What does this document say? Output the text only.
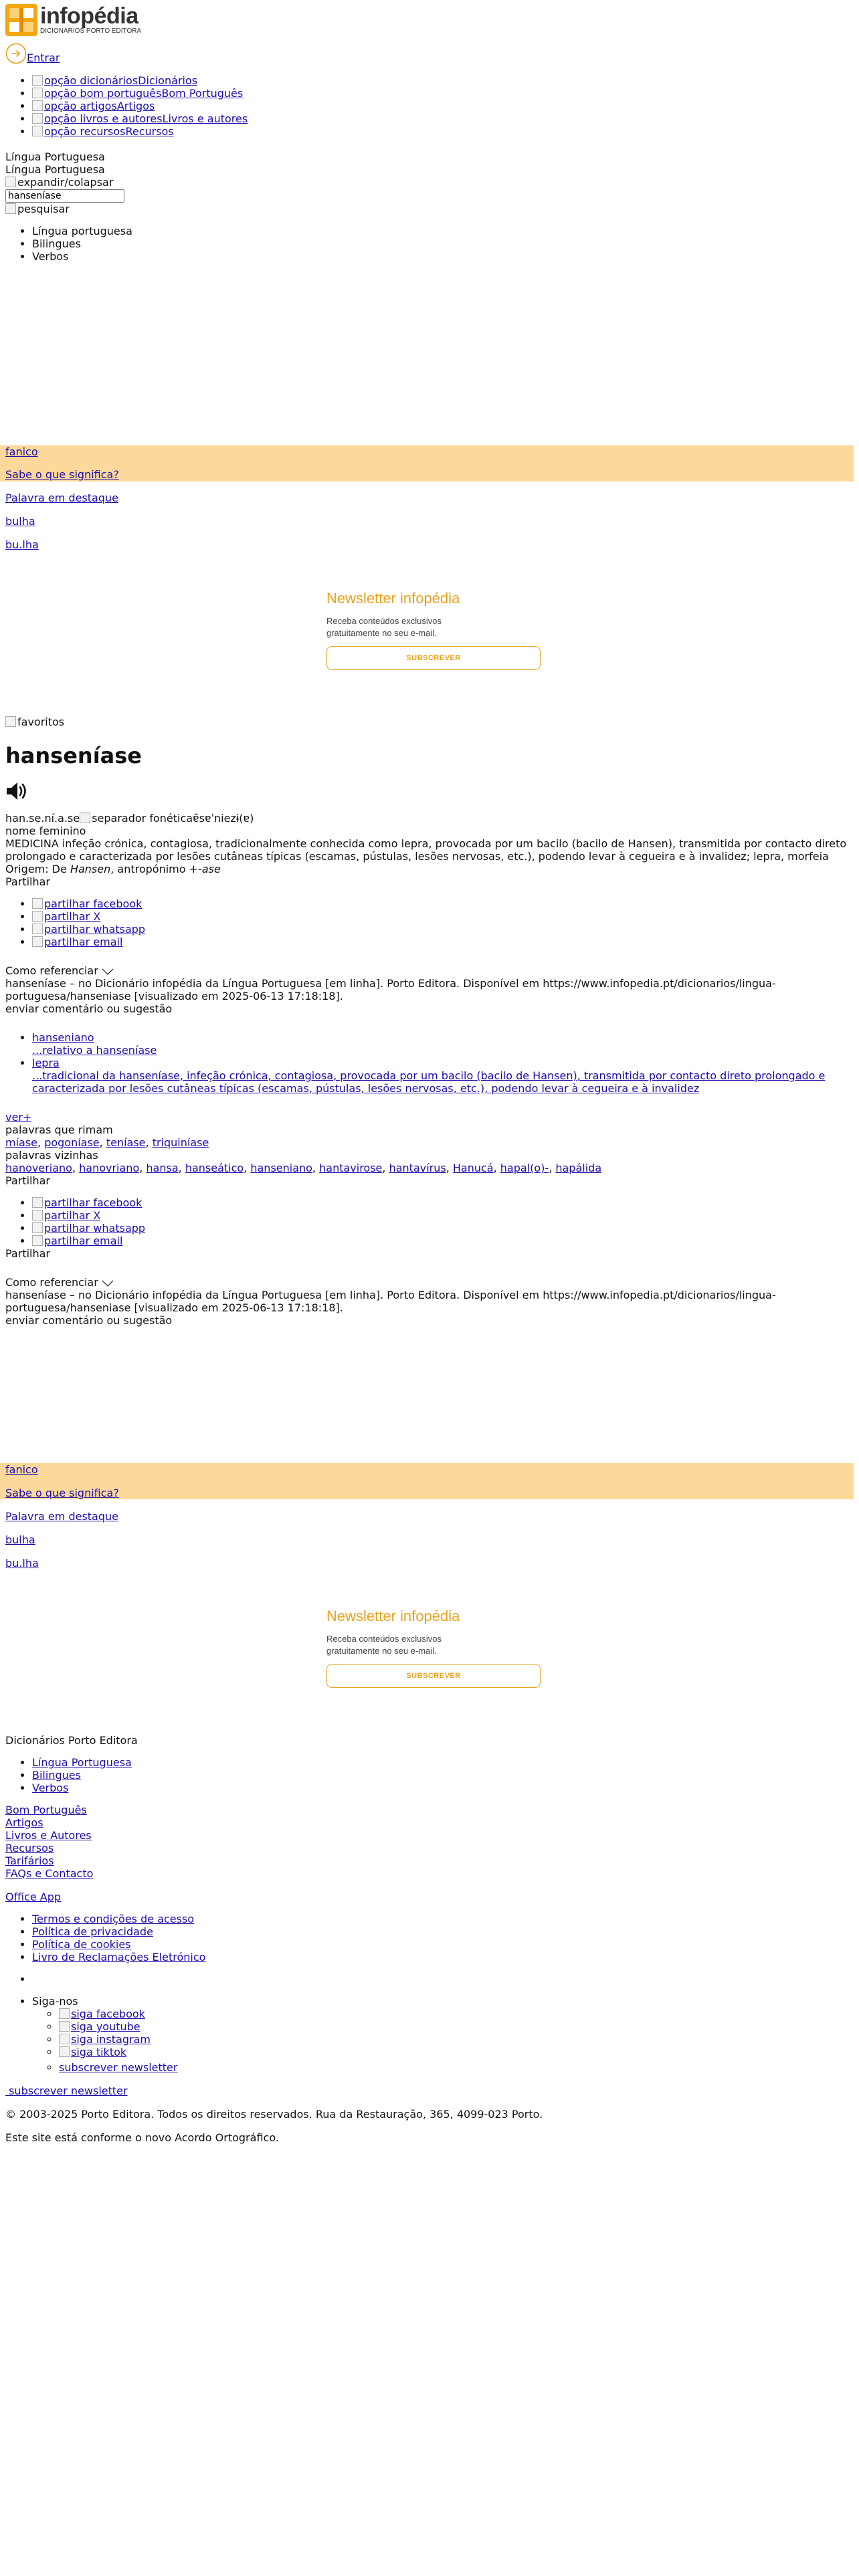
infopédia
DICIONÁRIOS PORTO EDITORA
Entrar
• opção dicionáriosDicionários
• opção bom portuguêsBom Português
• opção artigosArtigos
• opção livros e autoresLivros e autores
• opção recursosRecursos
Língua Portuguesa
Língua Portuguesa
expandir/colapsar
hanseníase
pesquisar
• Língua portuguesa
• Bilingues
• Verbos
fanico
Sabe o que significa?
Palavra em destaque
bulha
bu.lha
Newsletter infopédia
Receba conteúdos exclusivos
gratuitamente no seu e-mail.
SUBSCREVER
favoritos
hanseníase
han.se.ní.a.se separador fonéticaɐ̃sɐˈniezɨ(ɐ)
nome feminino
MEDICINA infeção crónica, contagiosa, tradicionalmente conhecida como lepra, provocada por um bacilo (bacilo de Hansen), transmitida por contacto direto prolongado e caracterizada por lesões cutâneas típicas (escamas, pústulas, lesões nervosas, etc.), podendo levar à cegueira e à invalidez; lepra, morfeia
Origem: De Hansen, antropónimo +-ase
Partilhar
• partilhar facebook
• partilhar X
• partilhar whatsapp
• partilhar email
Como referenciar
hanseníase – no Dicionário infopédia da Língua Portuguesa [em linha]. Porto Editora. Disponível em https://www.infopedia.pt/dicionarios/lingua-
portuguesa/hanseniase [visualizado em 2025-06-13 17:18:18].
enviar comentário ou sugestão
• hanseniano
...relativo a hanseníase
• lepra
...tradicional da hanseníase, infeção crónica, contagiosa, provocada por um bacilo (bacilo de Hansen), transmitida por contacto direto prolongado e
caracterizada por lesões cutâneas típicas (escamas, pústulas, lesões nervosas, etc.), podendo levar à cegueira e à invalidez
ver+
palavras que rimam
míase, pogoníase, teníase, triquiníase
palavras vizinhas
hanoveriano, hanovriano, hansa, hanseático, hanseniano, hantavirose, hantavírus, Hanucá, hapal(o)-, hapálida
Partilhar
• partilhar facebook
• partilhar X
• partilhar whatsapp
• partilhar email
Partilhar
Como referenciar
hanseníase – no Dicionário infopédia da Língua Portuguesa [em linha]. Porto Editora. Disponível em https://www.infopedia.pt/dicionarios/lingua-
portuguesa/hanseniase [visualizado em 2025-06-13 17:18:18].
enviar comentário ou sugestão
fanico
Sabe o que significa?
Palavra em destaque
bulha
bu.lha
Newsletter infopédia
Receba conteúdos exclusivos
gratuitamente no seu e-mail.
SUBSCREVER
Dicionários Porto Editora
• Língua Portuguesa
• Bilingues
• Verbos
Bom Português
Artigos
Livros e Autores
Recursos
Tarifários
FAQs e Contacto
Office App
• Termos e condições de acesso
• Política de privacidade
• Política de cookies
• Livro de Reclamações Eletrónico
•
• Siga-nos
◦ siga facebook
◦ siga youtube
◦ siga instagram
◦ siga tiktok
◦ subscrever newsletter
subscrever newsletter

© 2003-2025 Porto Editora. Todos os direitos reservados. Rua da Restauração, 365, 4099-023 Porto.

Este site está conforme o novo Acordo Ortográfico.
